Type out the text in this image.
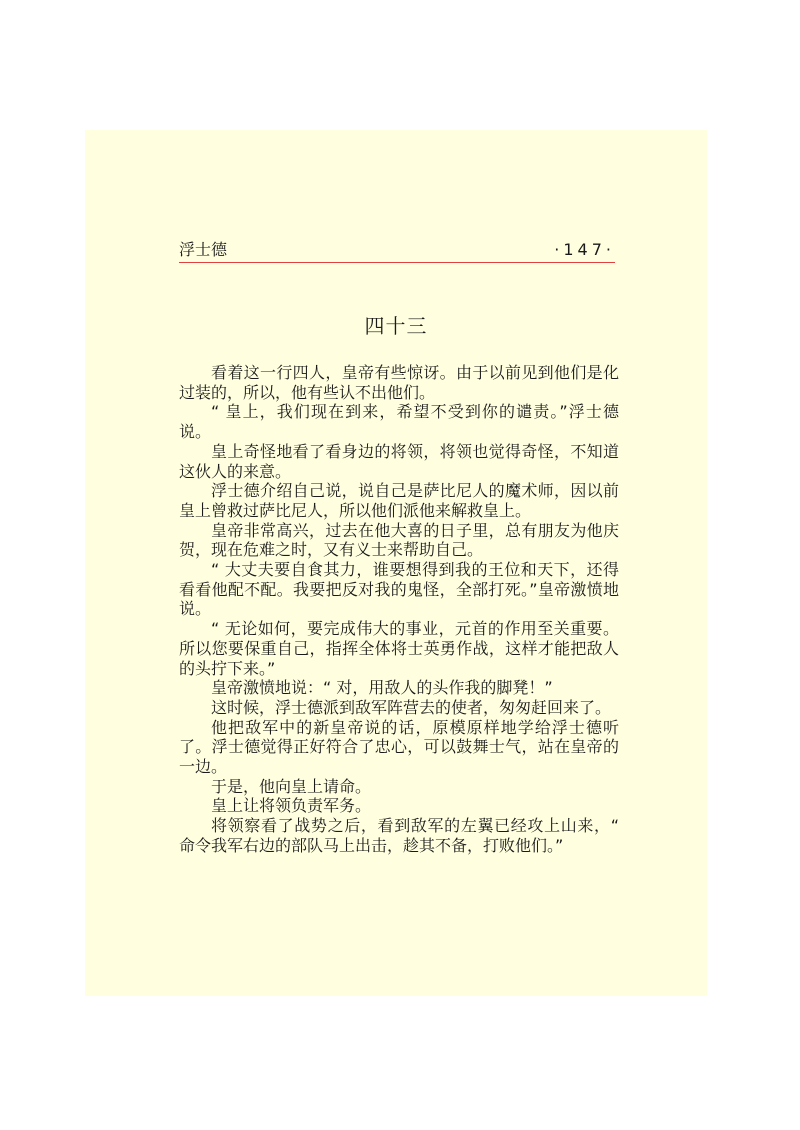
浮士德	·147·
四十三

看着这一行四人，皇帝有些惊讶。由于以前见到他们是化过装的，所以，他有些认不出他们。

“ 皇上，我们现在到来，希望不受到你的谴责。”浮士德说。

皇上奇怪地看了看身边的将领，将领也觉得奇怪，不知道这伙人的来意。

浮士德介绍自己说，说自己是萨比尼人的魔术师，因以前皇上曾救过萨比尼人，所以他们派他来解救皇上。

皇帝非常高兴，过去在他大喜的日子里，总有朋友为他庆贺，现在危难之时，又有义士来帮助自己。

“ 大丈夫要自食其力，谁要想得到我的王位和天下，还得看看他配不配。我要把反对我的鬼怪，全部打死。”皇帝激愤地说。

“ 无论如何，要完成伟大的事业，元首的作用至关重要。所以您要保重自己，指挥全体将士英勇作战，这样才能把敌人的头拧下来。”

皇帝激愤地说：“ 对，用敌人的头作我的脚凳！”

这时候，浮士德派到敌军阵营去的使者，匆匆赶回来了。

他把敌军中的新皇帝说的话，原模原样地学给浮士德听了。浮士德觉得正好符合了忠心，可以鼓舞士气，站在皇帝的一边。

于是，他向皇上请命。

皇上让将领负责军务。

将领察看了战势之后，看到敌军的左翼已经攻上山来，“ 命令我军右边的部队马上出击，趁其不备，打败他们。”
